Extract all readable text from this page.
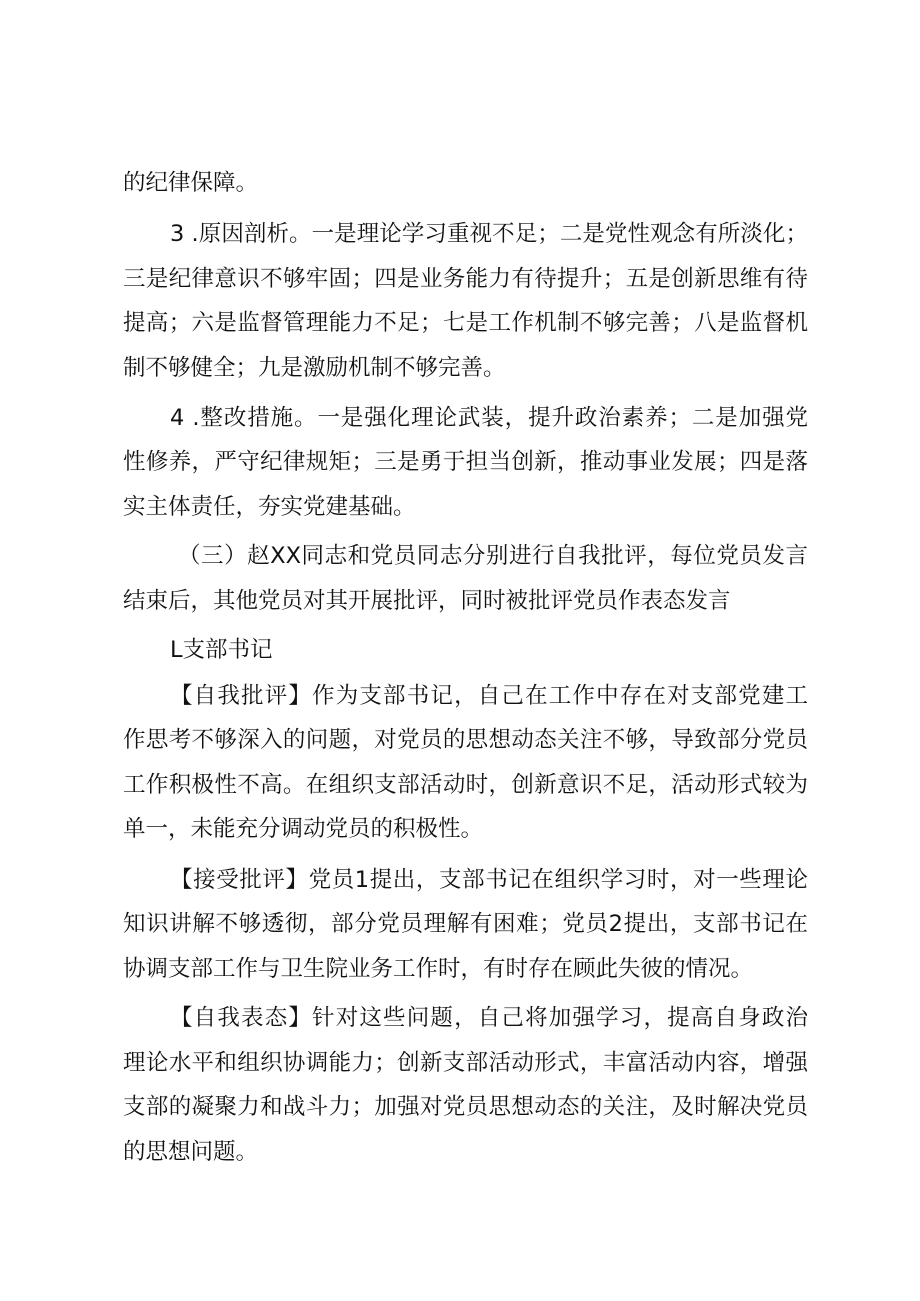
的纪律保障。
3 .原因剖析。一是理论学习重视不足；二是党性观念有所淡化；
三是纪律意识不够牢固；四是业务能力有待提升；五是创新思维有待
提高；六是监督管理能力不足；七是工作机制不够完善；八是监督机
制不够健全；九是激励机制不够完善。
4 .整改措施。一是强化理论武装，提升政治素养；二是加强党
性修养，严守纪律规矩；三是勇于担当创新，推动事业发展；四是落
实主体责任，夯实党建基础。
（三）赵XX同志和党员同志分别进行自我批评，每位党员发言
结束后，其他党员对其开展批评，同时被批评党员作表态发言
L支部书记
【自我批评】作为支部书记，自己在工作中存在对支部党建工
作思考不够深入的问题，对党员的思想动态关注不够，导致部分党员
工作积极性不高。在组织支部活动时，创新意识不足，活动形式较为
单一，未能充分调动党员的积极性。
【接受批评】党员1提出，支部书记在组织学习时，对一些理论
知识讲解不够透彻，部分党员理解有困难；党员2提出，支部书记在
协调支部工作与卫生院业务工作时，有时存在顾此失彼的情况。
【自我表态】针对这些问题，自己将加强学习，提高自身政治
理论水平和组织协调能力；创新支部活动形式，丰富活动内容，增强
支部的凝聚力和战斗力；加强对党员思想动态的关注，及时解决党员
的思想问题。
